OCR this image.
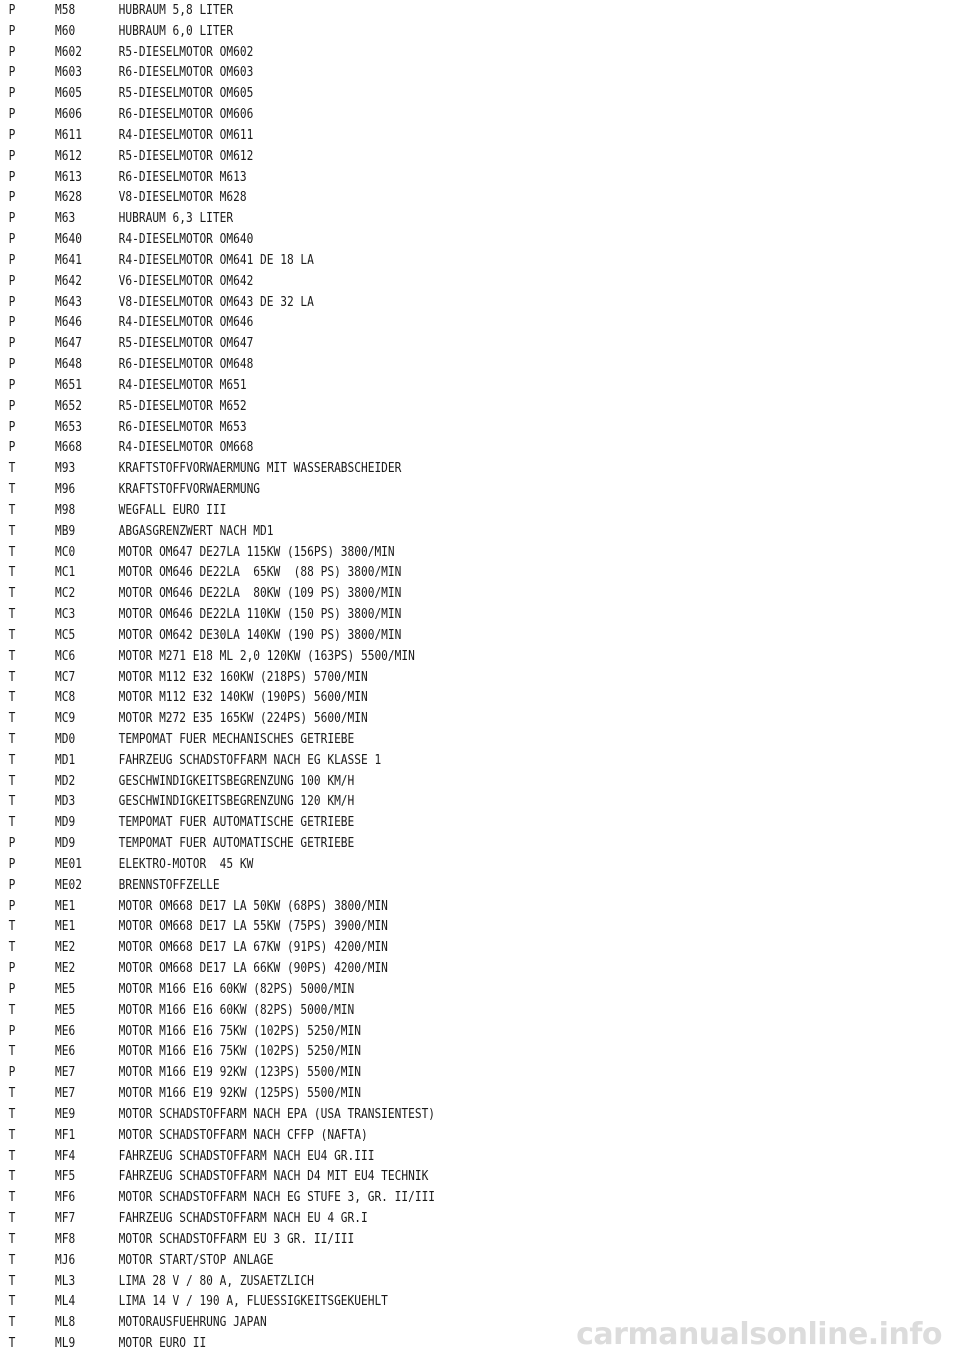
P	M58	HUBRAUM 5,8 LITER
P	M60	HUBRAUM 6,0 LITER
P	M602	R5-DIESELMOTOR OM602
P	M603	R6-DIESELMOTOR OM603
P	M605	R5-DIESELMOTOR OM605
P	M606	R6-DIESELMOTOR OM606
P	M611	R4-DIESELMOTOR OM611
P	M612	R5-DIESELMOTOR OM612
P	M613	R6-DIESELMOTOR M613
P	M628	V8-DIESELMOTOR M628
P	M63	HUBRAUM 6,3 LITER
P	M640	R4-DIESELMOTOR OM640
P	M641	R4-DIESELMOTOR OM641 DE 18 LA
P	M642	V6-DIESELMOTOR OM642
P	M643	V8-DIESELMOTOR OM643 DE 32 LA
P	M646	R4-DIESELMOTOR OM646
P	M647	R5-DIESELMOTOR OM647
P	M648	R6-DIESELMOTOR OM648
P	M651	R4-DIESELMOTOR M651
P	M652	R5-DIESELMOTOR M652
P	M653	R6-DIESELMOTOR M653
P	M668	R4-DIESELMOTOR OM668
T	M93	KRAFTSTOFFVORWAERMUNG MIT WASSERABSCHEIDER
T	M96	KRAFTSTOFFVORWAERMUNG
T	M98	WEGFALL EURO III
T	MB9	ABGASGRENZWERT NACH MD1
T	MC0	MOTOR OM647 DE27LA 115KW (156PS) 3800/MIN
T	MC1	MOTOR OM646 DE22LA  65KW  (88 PS) 3800/MIN
T	MC2	MOTOR OM646 DE22LA  80KW (109 PS) 3800/MIN
T	MC3	MOTOR OM646 DE22LA 110KW (150 PS) 3800/MIN
T	MC5	MOTOR OM642 DE30LA 140KW (190 PS) 3800/MIN
T	MC6	MOTOR M271 E18 ML 2,0 120KW (163PS) 5500/MIN
T	MC7	MOTOR M112 E32 160KW (218PS) 5700/MIN
T	MC8	MOTOR M112 E32 140KW (190PS) 5600/MIN
T	MC9	MOTOR M272 E35 165KW (224PS) 5600/MIN
T	MD0	TEMPOMAT FUER MECHANISCHES GETRIEBE
T	MD1	FAHRZEUG SCHADSTOFFARM NACH EG KLASSE 1
T	MD2	GESCHWINDIGKEITSBEGRENZUNG 100 KM/H
T	MD3	GESCHWINDIGKEITSBEGRENZUNG 120 KM/H
T	MD9	TEMPOMAT FUER AUTOMATISCHE GETRIEBE
P	MD9	TEMPOMAT FUER AUTOMATISCHE GETRIEBE
P	ME01	ELEKTRO-MOTOR  45 KW
P	ME02	BRENNSTOFFZELLE
P	ME1	MOTOR OM668 DE17 LA 50KW (68PS) 3800/MIN
T	ME1	MOTOR OM668 DE17 LA 55KW (75PS) 3900/MIN
T	ME2	MOTOR OM668 DE17 LA 67KW (91PS) 4200/MIN
P	ME2	MOTOR OM668 DE17 LA 66KW (90PS) 4200/MIN
P	ME5	MOTOR M166 E16 60KW (82PS) 5000/MIN
T	ME5	MOTOR M166 E16 60KW (82PS) 5000/MIN
P	ME6	MOTOR M166 E16 75KW (102PS) 5250/MIN
T	ME6	MOTOR M166 E16 75KW (102PS) 5250/MIN
P	ME7	MOTOR M166 E19 92KW (123PS) 5500/MIN
T	ME7	MOTOR M166 E19 92KW (125PS) 5500/MIN
T	ME9	MOTOR SCHADSTOFFARM NACH EPA (USA TRANSIENTEST)
T	MF1	MOTOR SCHADSTOFFARM NACH CFFP (NAFTA)
T	MF4	FAHRZEUG SCHADSTOFFARM NACH EU4 GR.III
T	MF5	FAHRZEUG SCHADSTOFFARM NACH D4 MIT EU4 TECHNIK
T	MF6	MOTOR SCHADSTOFFARM NACH EG STUFE 3, GR. II/III
T	MF7	FAHRZEUG SCHADSTOFFARM NACH EU 4 GR.I
T	MF8	MOTOR SCHADSTOFFARM EU 3 GR. II/III
T	MJ6	MOTOR START/STOP ANLAGE
T	ML3	LIMA 28 V / 80 A, ZUSAETZLICH
T	ML4	LIMA 14 V / 190 A, FLUESSIGKEITSGEKUEHLT
T	ML8	MOTORAUSFUEHRUNG JAPAN
T	ML9	MOTOR EURO II	carmanualsonline.info
